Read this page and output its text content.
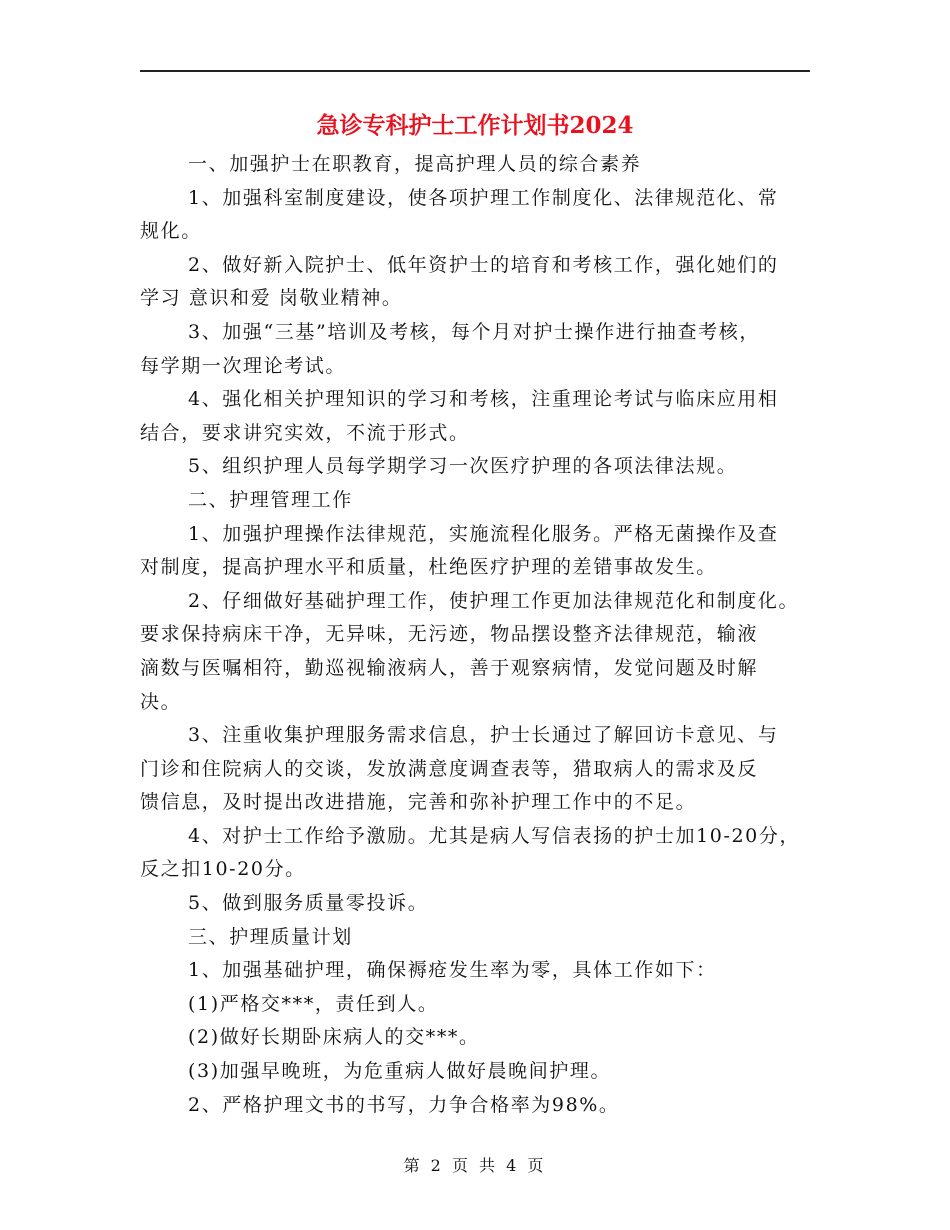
急诊专科护士工作计划书2024
一、加强护士在职教育，提高护理人员的综合素养
1、加强科室制度建设，使各项护理工作制度化、法律规范化、常
规化。
2、做好新入院护士、低年资护士的培育和考核工作，强化她们的
学习 意识和爱 岗敬业精神。
3、加强“三基”培训及考核，每个月对护士操作进行抽查考核，
每学期一次理论考试。
4、强化相关护理知识的学习和考核，注重理论考试与临床应用相
结合，要求讲究实效，不流于形式。
5、组织护理人员每学期学习一次医疗护理的各项法律法规。
二、护理管理工作
1、加强护理操作法律规范，实施流程化服务。严格无菌操作及查
对制度，提高护理水平和质量，杜绝医疗护理的差错事故发生。
2、仔细做好基础护理工作，使护理工作更加法律规范化和制度化。
要求保持病床干净，无异味，无污迹，物品摆设整齐法律规范，输液
滴数与医嘱相符，勤巡视输液病人，善于观察病情，发觉问题及时解
决。
3、注重收集护理服务需求信息，护士长通过了解回访卡意见、与
门诊和住院病人的交谈，发放满意度调查表等，猎取病人的需求及反
馈信息，及时提出改进措施，完善和弥补护理工作中的不足。
4、对护士工作给予激励。尤其是病人写信表扬的护士加10-20分，
反之扣10-20分。
5、做到服务质量零投诉。
三、护理质量计划
1、加强基础护理，确保褥疮发生率为零，具体工作如下：
(1)严格交***，责任到人。
(2)做好长期卧床病人的交***。
(3)加强早晚班，为危重病人做好晨晚间护理。
2、严格护理文书的书写，力争合格率为98%。
第 2 页 共 4 页
